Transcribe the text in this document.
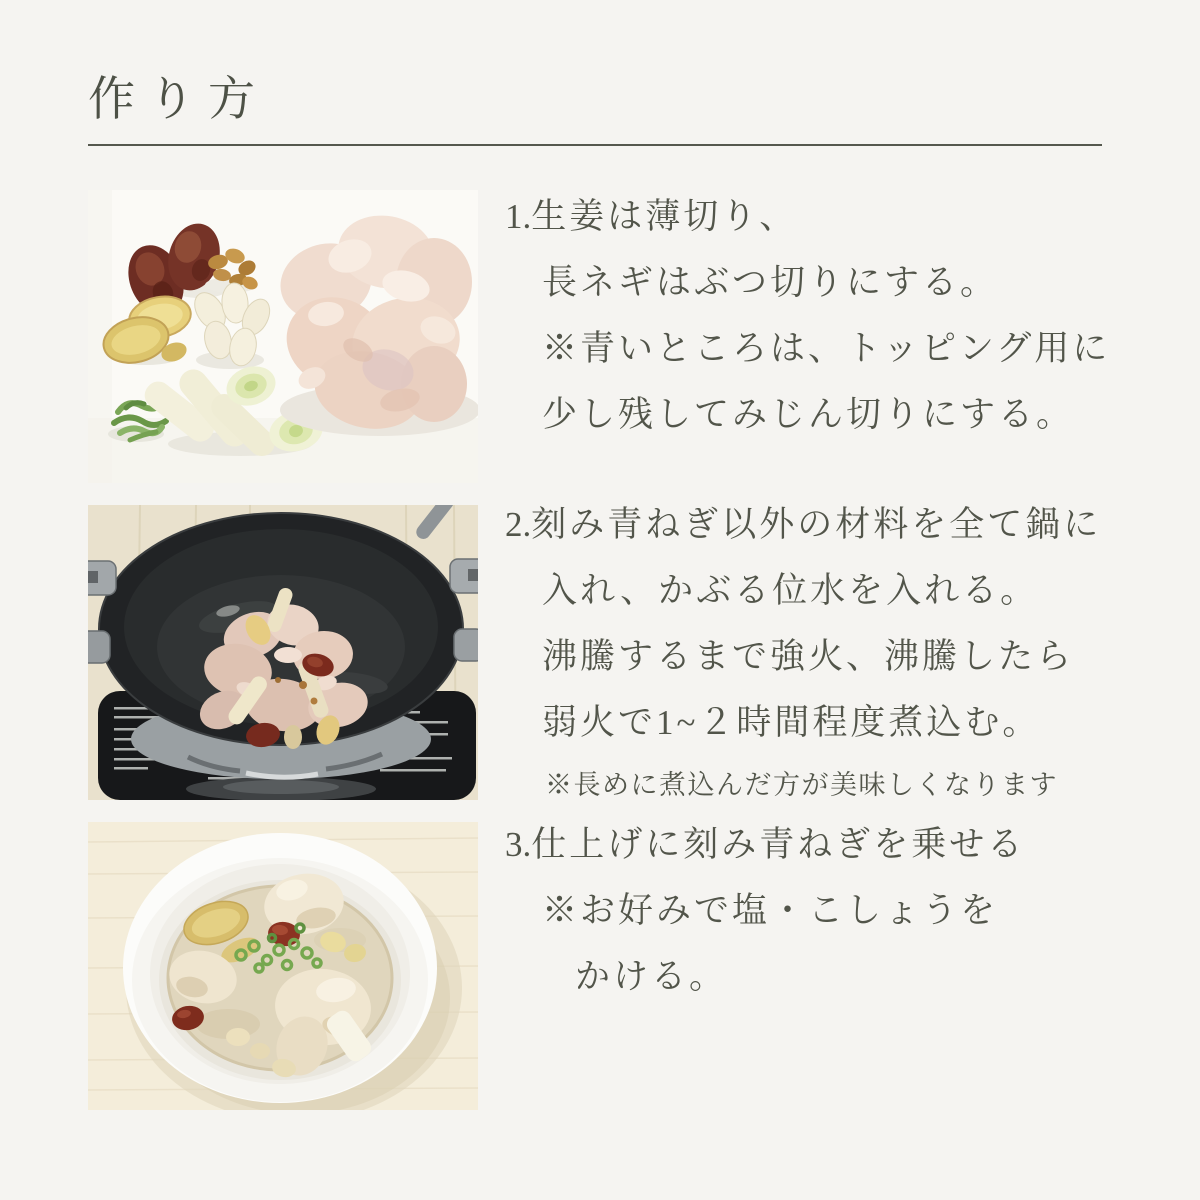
作り方
1.生姜は薄切り、
長ネギはぶつ切りにする。
※青いところは、トッピング用に
少し残してみじん切りにする。
2.刻み青ねぎ以外の材料を全て鍋に
入れ、かぶる位水を入れる。
沸騰するまで強火、沸騰したら
弱火で1~２時間程度煮込む。
※長めに煮込んだ方が美味しくなります
3.仕上げに刻み青ねぎを乗せる
※お好みで塩・こしょうを
かける。
